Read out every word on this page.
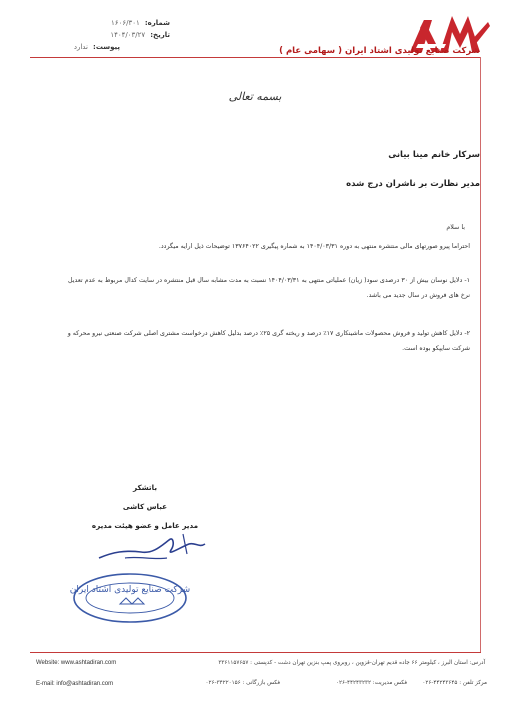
شماره: ۱۶۰۶/۳۰۱
تاریخ: ۱۴۰۴/۰۳/۲۷
پیوست: ندارد	شرکت صنایع تولیدی اشتاد ایران ( سهامی عام )
بسمه تعالی
سرکار خانم مینا بیانی
مدیر نظارت بر ناشران درج شده
با سلام
احتراما پیرو صورتهای مالی منتشره منتهی به دوره ۱۴۰۴/۰۳/۳۱ به شماره پیگیری ۱۳۷۶۴۰۲۲ توضیحات ذیل ارایه میگردد.
۱- دلایل نوسان بیش از ۳۰ درصدی سود( زیان) عملیاتی منتهی به ۱۴۰۴/۰۳/۳۱ نسبت به مدت مشابه سال قبل منتشره در سایت کدال مربوط به عدم تعدیل نرخ های فروش در سال جدید می باشد.
۲- دلایل کاهش تولید و فروش محصولات ماشینکاری ۱۷٪ درصد و ریخته گری ۲۵٪ درصد بدلیل کاهش درخواست مشتری اصلی شرکت صنعتی نیرو محرکه و شرکت سایپکو بوده است.
باتشکر
عباس کاشی
مدیر عامل و عضو هیئت مدیره
شرکت صنایع تولیدی اشتاد ایران
Website: www.ashtadiran.com
E-mail: info@ashtadiran.com
آدرس: استان البرز ، کیلومتر ۶۶ جاده قدیم تهران-قزوین ، روبروی پمپ بنزین تهران دشت - کدپستی : ۳۳۶۱۱۵۷۶۵۷
مرکز تلفن : ۴۴۲۴۳۶۴۵-۰۲۶
فکس مدیریت: ۴۴۲۴۳۲۳۲-۰۲۶
فکس بازرگانی : ۳۴۲۲۰۱۵۶-۰۲۶
